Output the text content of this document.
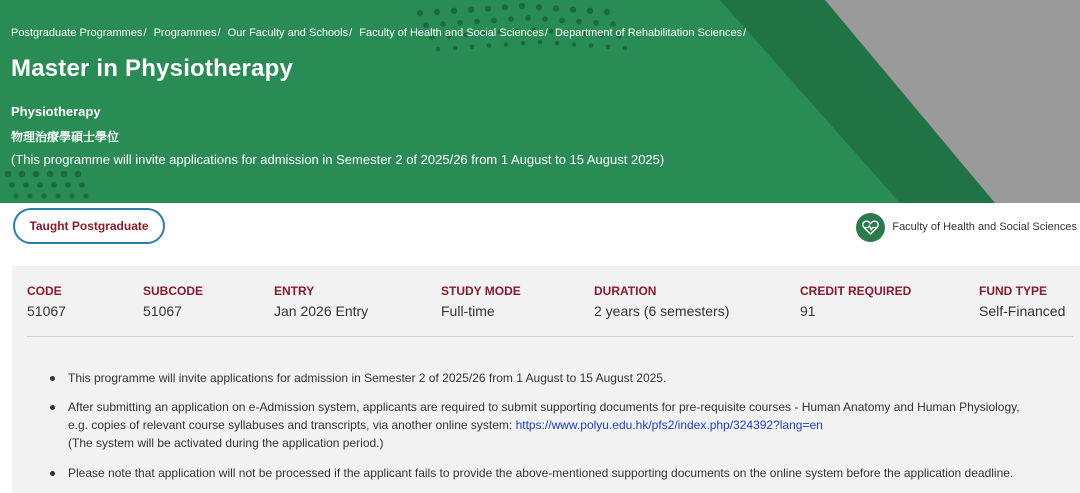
Postgraduate Programmes/ Programmes/ Our Faculty and Schools/ Faculty of Health and Social Sciences/ Department of Rehabilitation Sciences/
Master in Physiotherapy
Physiotherapy
物理治療學碩士學位
(This programme will invite applications for admission in Semester 2 of 2025/26 from 1 August to 15 August 2025)
Taught Postgraduate	Faculty of Health and Social Sciences
CODE
51067
SUBCODE
51067
ENTRY
Jan 2026 Entry
STUDY MODE
Full-time
DURATION
2 years (6 semesters)
CREDIT REQUIRED
91
FUND TYPE
Self-Financed
This programme will invite applications for admission in Semester 2 of 2025/26 from 1 August to 15 August 2025.
After submitting an application on e-Admission system, applicants are required to submit supporting documents for pre-requisite courses - Human Anatomy and Human Physiology,
e.g. copies of relevant course syllabuses and transcripts, via another online system: https://www.polyu.edu.hk/pfs2/index.php/324392?lang=en
(The system will be activated during the application period.)
Please note that application will not be processed if the applicant fails to provide the above-mentioned supporting documents on the online system before the application deadline.
